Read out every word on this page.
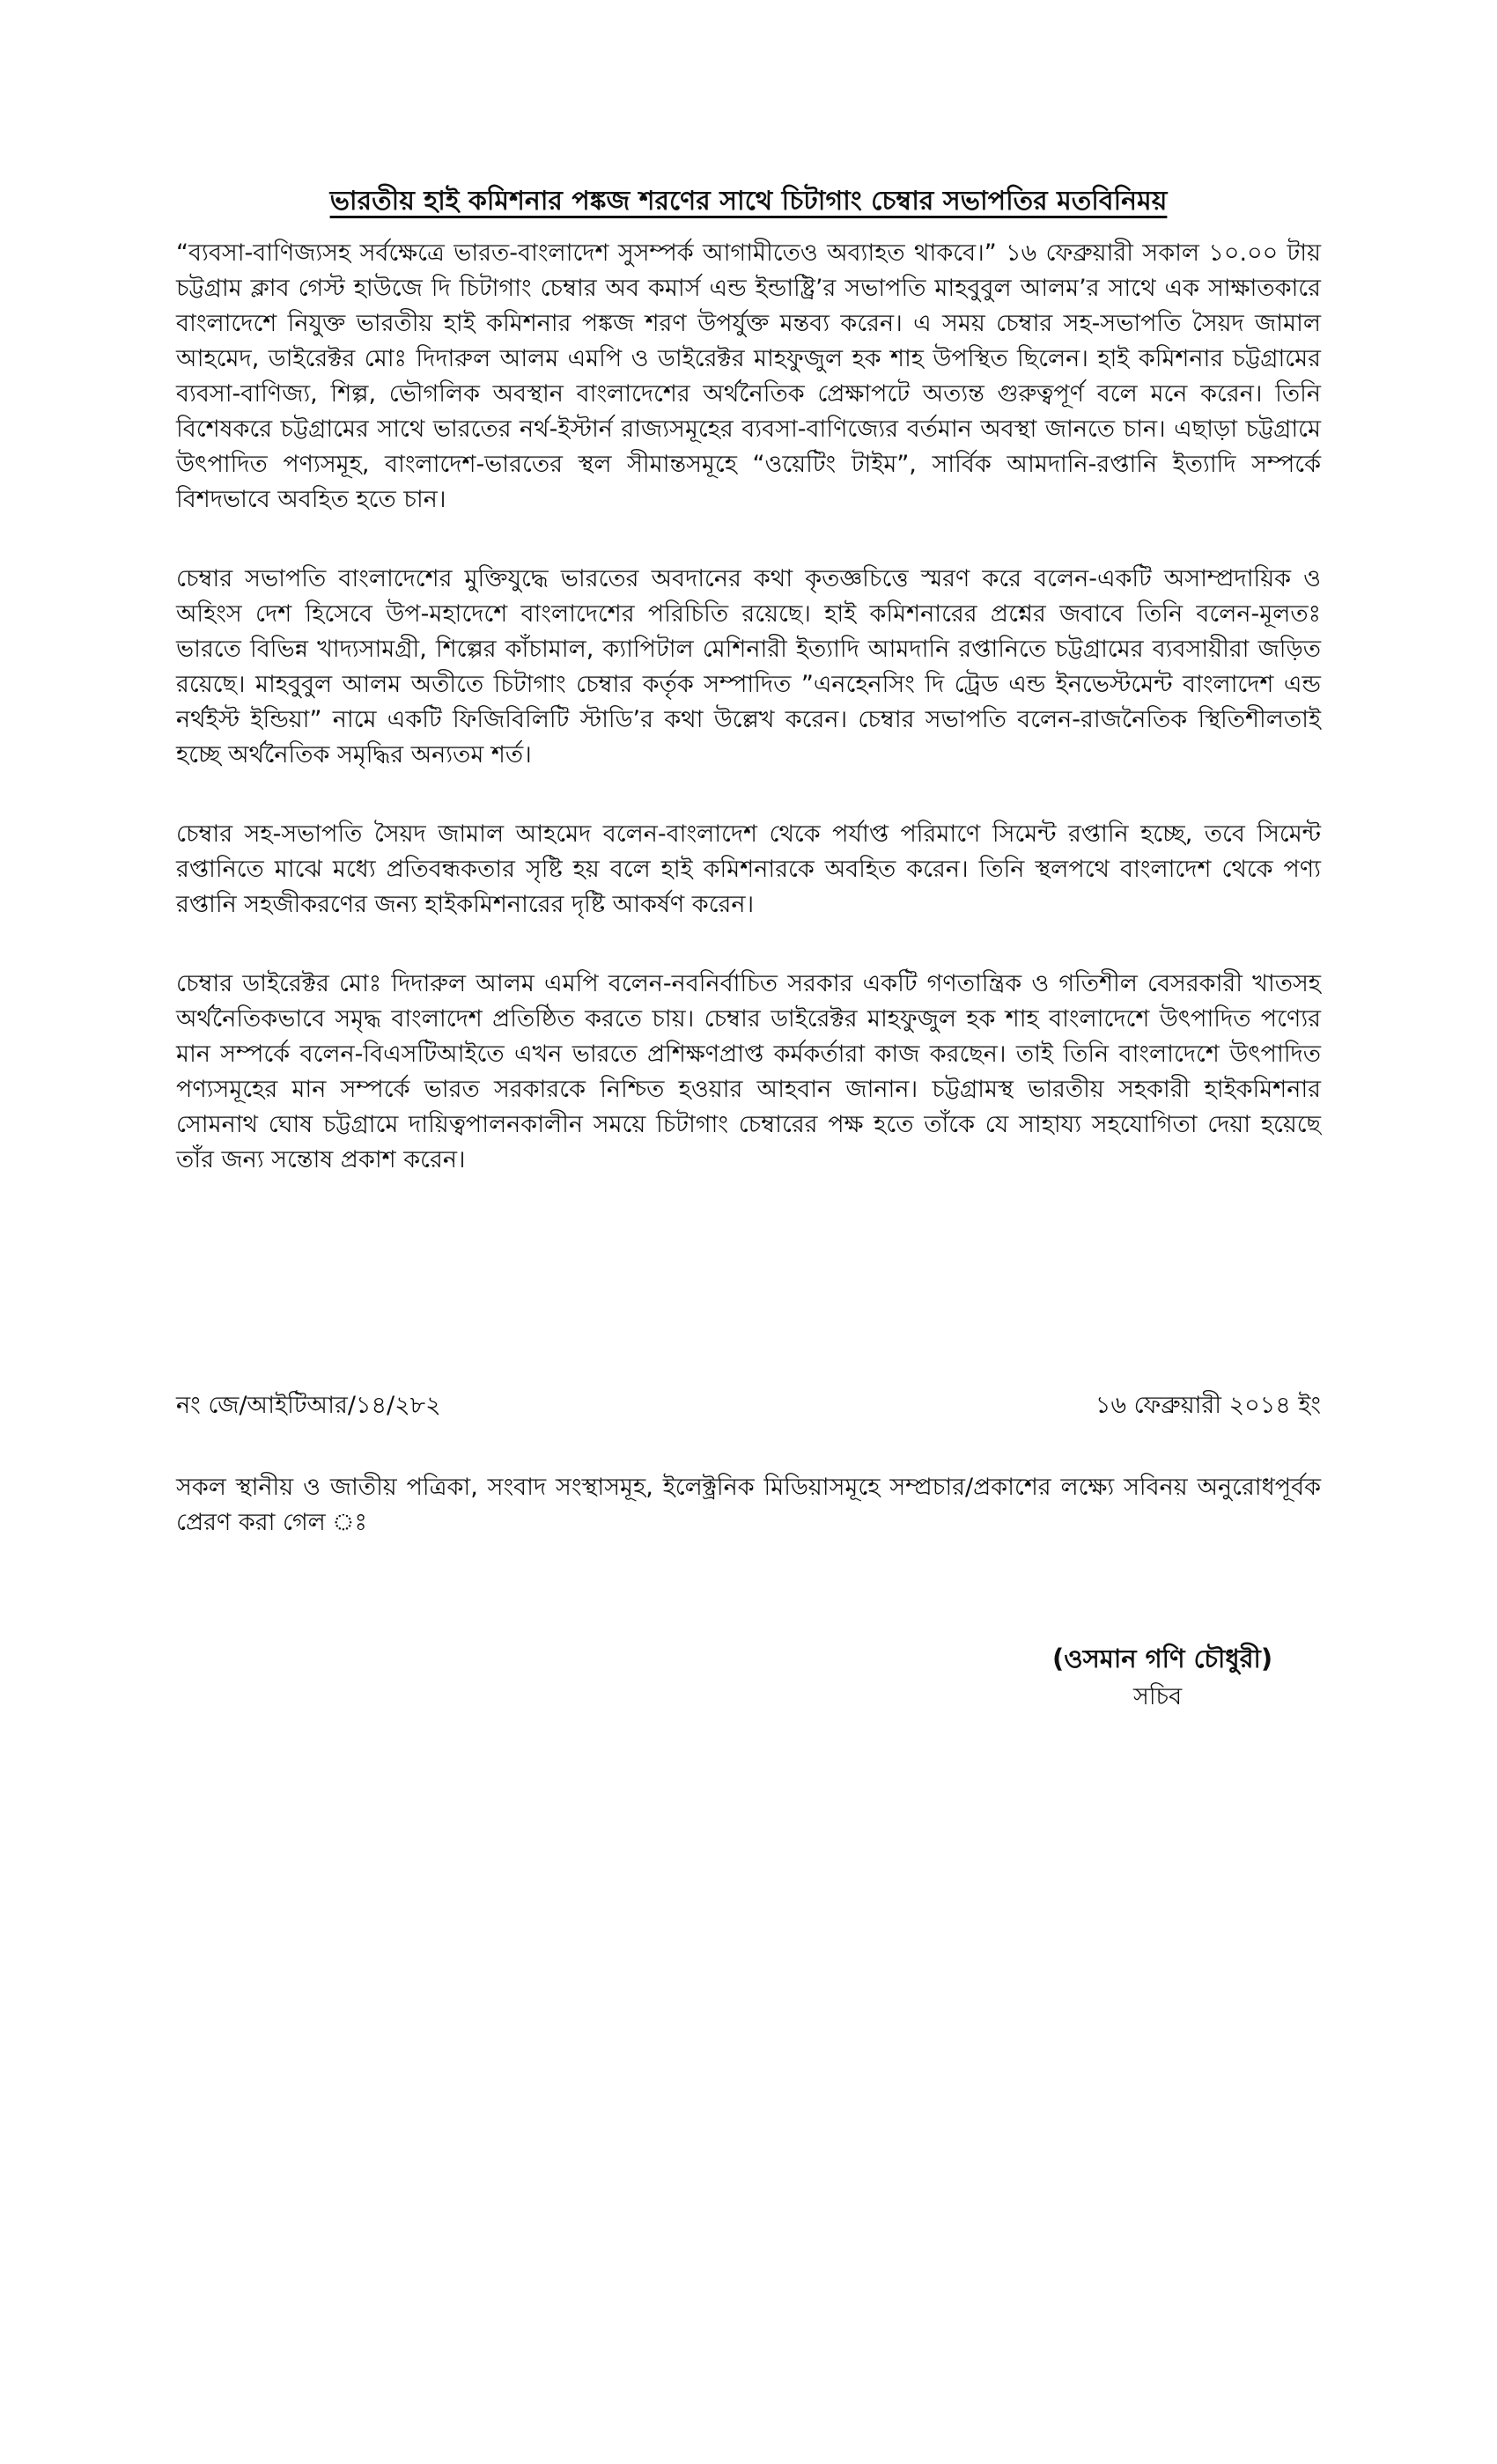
ভারতীয় হাই কমিশনার পঙ্কজ শরণের সাথে চিটাগাং চেম্বার সভাপতির মতবিনিময়

“ব্যবসা-বাণিজ্যসহ সর্বক্ষেত্রে ভারত-বাংলাদেশ সুসম্পর্ক আগামীতেও অব্যাহত থাকবে।” ১৬ ফেব্রুয়ারী সকাল ১০.০০ টায় চট্টগ্রাম ক্লাব গেস্ট হাউজে দি চিটাগাং চেম্বার অব কমার্স এন্ড ইন্ডাষ্ট্রি’র সভাপতি মাহবুবুল আলম’র সাথে এক সাক্ষাতকারে বাংলাদেশে নিযুক্ত ভারতীয় হাই কমিশনার পঙ্কজ শরণ উপর্যুক্ত মন্তব্য করেন। এ সময় চেম্বার সহ-সভাপতি সৈয়দ জামাল আহমেদ, ডাইরেক্টর মোঃ দিদারুল আলম এমপি ও ডাইরেক্টর মাহফুজুল হক শাহ উপস্থিত ছিলেন। হাই কমিশনার চট্টগ্রামের ব্যবসা-বাণিজ্য, শিল্প, ভৌগলিক অবস্থান বাংলাদেশের অর্থনৈতিক প্রেক্ষাপটে অত্যন্ত গুরুত্বপূর্ণ বলে মনে করেন। তিনি বিশেষকরে চট্টগ্রামের সাথে ভারতের নর্থ-ইস্টার্ন রাজ্যসমূহের ব্যবসা-বাণিজ্যের বর্তমান অবস্থা জানতে চান। এছাড়া চট্টগ্রামে উৎপাদিত পণ্যসমূহ, বাংলাদেশ-ভারতের স্থল সীমান্তসমূহে “ওয়েটিং টাইম”, সার্বিক আমদানি-রপ্তানি ইত্যাদি সম্পর্কে বিশদভাবে অবহিত হতে চান।

চেম্বার সভাপতি বাংলাদেশের মুক্তিযুদ্ধে ভারতের অবদানের কথা কৃতজ্ঞচিত্তে স্মরণ করে বলেন-একটি অসাম্প্রদায়িক ও অহিংস দেশ হিসেবে উপ-মহাদেশে বাংলাদেশের পরিচিতি রয়েছে। হাই কমিশনারের প্রশ্নের জবাবে তিনি বলেন-মূলতঃ ভারতে বিভিন্ন খাদ্যসামগ্রী, শিল্পের কাঁচামাল, ক্যাপিটাল মেশিনারী ইত্যাদি আমদানি রপ্তানিতে চট্টগ্রামের ব্যবসায়ীরা জড়িত রয়েছে। মাহবুবুল আলম অতীতে চিটাগাং চেম্বার কর্তৃক সম্পাদিত ”এনহেনসিং দি ট্রেড এন্ড ইনভেস্টমেন্ট বাংলাদেশ এন্ড নর্থইস্ট ইন্ডিয়া” নামে একটি ফিজিবিলিটি স্টাডি’র কথা উল্লেখ করেন। চেম্বার সভাপতি বলেন-রাজনৈতিক স্থিতিশীলতাই হচ্ছে অর্থনৈতিক সমৃদ্ধির অন্যতম শর্ত।

চেম্বার সহ-সভাপতি সৈয়দ জামাল আহমেদ বলেন-বাংলাদেশ থেকে পর্যাপ্ত পরিমাণে সিমেন্ট রপ্তানি হচ্ছে, তবে সিমেন্ট রপ্তানিতে মাঝে মধ্যে প্রতিবন্ধকতার সৃষ্টি হয় বলে হাই কমিশনারকে অবহিত করেন। তিনি স্থলপথে বাংলাদেশ থেকে পণ্য রপ্তানি সহজীকরণের জন্য হাইকমিশনারের দৃষ্টি আকর্ষণ করেন।

চেম্বার ডাইরেক্টর মোঃ দিদারুল আলম এমপি বলেন-নবনির্বাচিত সরকার একটি গণতান্ত্রিক ও গতিশীল বেসরকারী খাতসহ অর্থনৈতিকভাবে সমৃদ্ধ বাংলাদেশ প্রতিষ্ঠিত করতে চায়। চেম্বার ডাইরেক্টর মাহফুজুল হক শাহ বাংলাদেশে উৎপাদিত পণ্যের মান সম্পর্কে বলেন-বিএসটিআইতে এখন ভারতে প্রশিক্ষণপ্রাপ্ত কর্মকর্তারা কাজ করছেন। তাই তিনি বাংলাদেশে উৎপাদিত পণ্যসমূহের মান সম্পর্কে ভারত সরকারকে নিশ্চিত হওয়ার আহবান জানান। চট্টগ্রামস্থ ভারতীয় সহকারী হাইকমিশনার সোমনাথ ঘোষ চট্টগ্রামে দায়িত্বপালনকালীন সময়ে চিটাগাং চেম্বারের পক্ষ হতে তাঁকে যে সাহায্য সহযোগিতা দেয়া হয়েছে তাঁর জন্য সন্তোষ প্রকাশ করেন।

নং জে/আইটিআর/১৪/২৮২	১৬ ফেব্রুয়ারী ২০১৪ ইং

সকল স্থানীয় ও জাতীয় পত্রিকা, সংবাদ সংস্থাসমূহ, ইলেক্ট্রনিক মিডিয়াসমূহে সম্প্রচার/প্রকাশের লক্ষ্যে সবিনয় অনুরোধপূর্বক প্রেরণ করা গেল ঃ

(ওসমান গণি চৌধুরী)
সচিব
